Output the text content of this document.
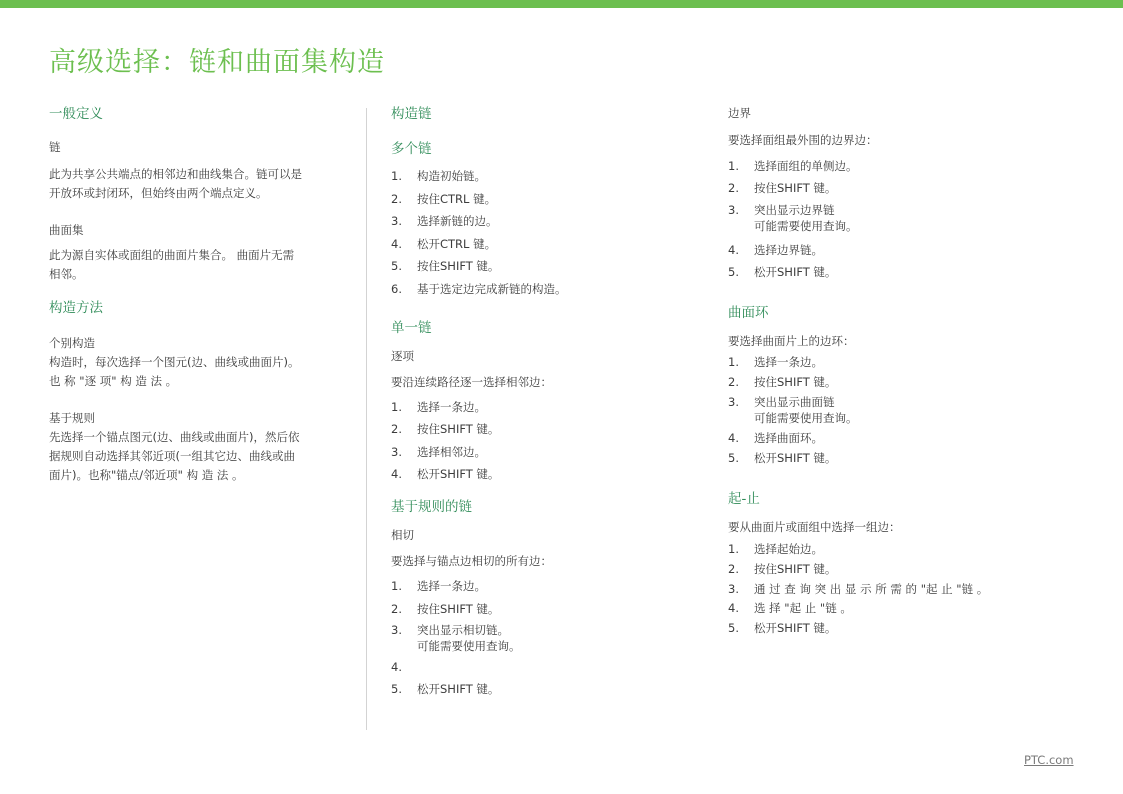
高级选择：链和曲面集构造
一般定义
链
此为共享公共端点的相邻边和曲线集合。链可以是
开放环或封闭环，但始终由两个端点定义。
曲面集
此为源自实体或面组的曲面片集合。 曲面片无需
相邻。
构造方法
个别构造
构造时，每次选择一个图元(边、曲线或曲面片)。
也 称 "逐 项" 构 造 法 。
基于规则
先选择一个锚点图元(边、曲线或曲面片)，然后依
据规则自动选择其邻近项(一组其它边、曲线或曲
面片)。也称"锚点/邻近项" 构 造 法 。
构造链
多个链
1.	构造初始链。
2.	按住CTRL 键。
3.	选择新链的边。
4.	松开CTRL 键。
5.	按住SHIFT 键。
6.	基于选定边完成新链的构造。
单一链
逐项
要沿连续路径逐一选择相邻边：
1.	选择一条边。
2.	按住SHIFT 键。
3.	选择相邻边。
4.	松开SHIFT 键。
基于规则的链
相切
要选择与锚点边相切的所有边：
1.	选择一条边。
2.	按住SHIFT 键。
3.	突出显示相切链。
可能需要使用查询。
4.
5.	松开SHIFT 键。
边界
要选择面组最外围的边界边：
1.	选择面组的单侧边。
2.	按住SHIFT 键。
3.	突出显示边界链
可能需要使用查询。
4.	选择边界链。
5.	松开SHIFT 键。
曲面环
要选择曲面片上的边环：
1.	选择一条边。
2.	按住SHIFT 键。
3.	突出显示曲面链
可能需要使用查询。
4.	选择曲面环。
5.	松开SHIFT 键。
起-止
要从曲面片或面组中选择一组边：
1.	选择起始边。
2.	按住SHIFT 键。
3.	通 过 查 询 突 出 显 示 所 需 的 "起 止 "链 。
4.	选 择 "起 止 "链 。
5.	松开SHIFT 键。
PTC.com
